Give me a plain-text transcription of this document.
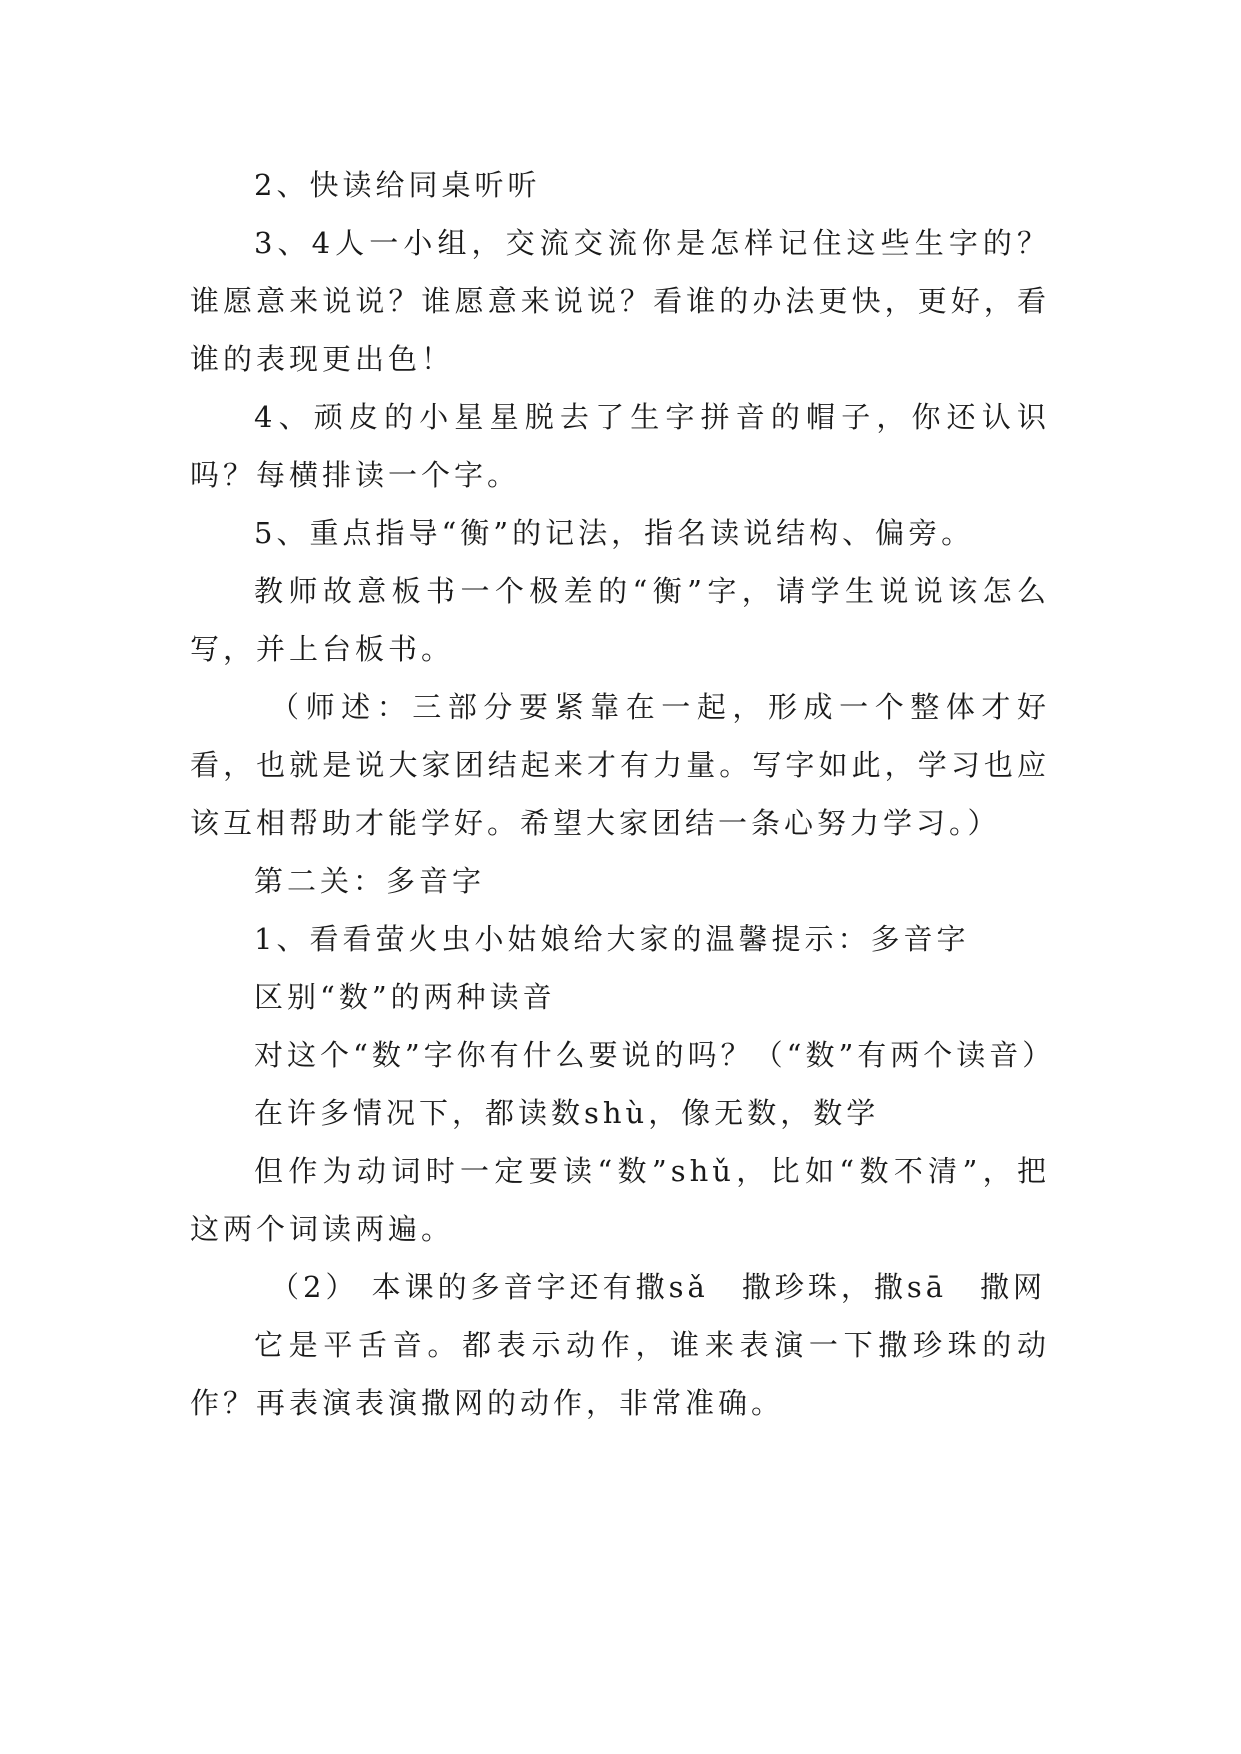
2、快读给同桌听听

3、4人一小组，交流交流你是怎样记住这些生字的？谁愿意来说说？谁愿意来说说？看谁的办法更快，更好，看谁的表现更出色！

4、顽皮的小星星脱去了生字拼音的帽子，你还认识吗？每横排读一个字。

5、重点指导“衡”的记法，指名读说结构、偏旁。

教师故意板书一个极差的“衡”字，请学生说说该怎么写，并上台板书。

（师述：三部分要紧靠在一起，形成一个整体才好看，也就是说大家团结起来才有力量。写字如此，学习也应该互相帮助才能学好。希望大家团结一条心努力学习。）

第二关：多音字

1、看看萤火虫小姑娘给大家的温馨提示：多音字

区别“数”的两种读音

对这个“数”字你有什么要说的吗？（“数”有两个读音）

在许多情况下，都读数shù，像无数，数学

但作为动词时一定要读“数”shǔ，比如“数不清”，把这两个词读两遍。

（2） 本课的多音字还有撒sǎ　撒珍珠，撒sā　撒网

它是平舌音。都表示动作，谁来表演一下撒珍珠的动作？再表演表演撒网的动作，非常准确。
